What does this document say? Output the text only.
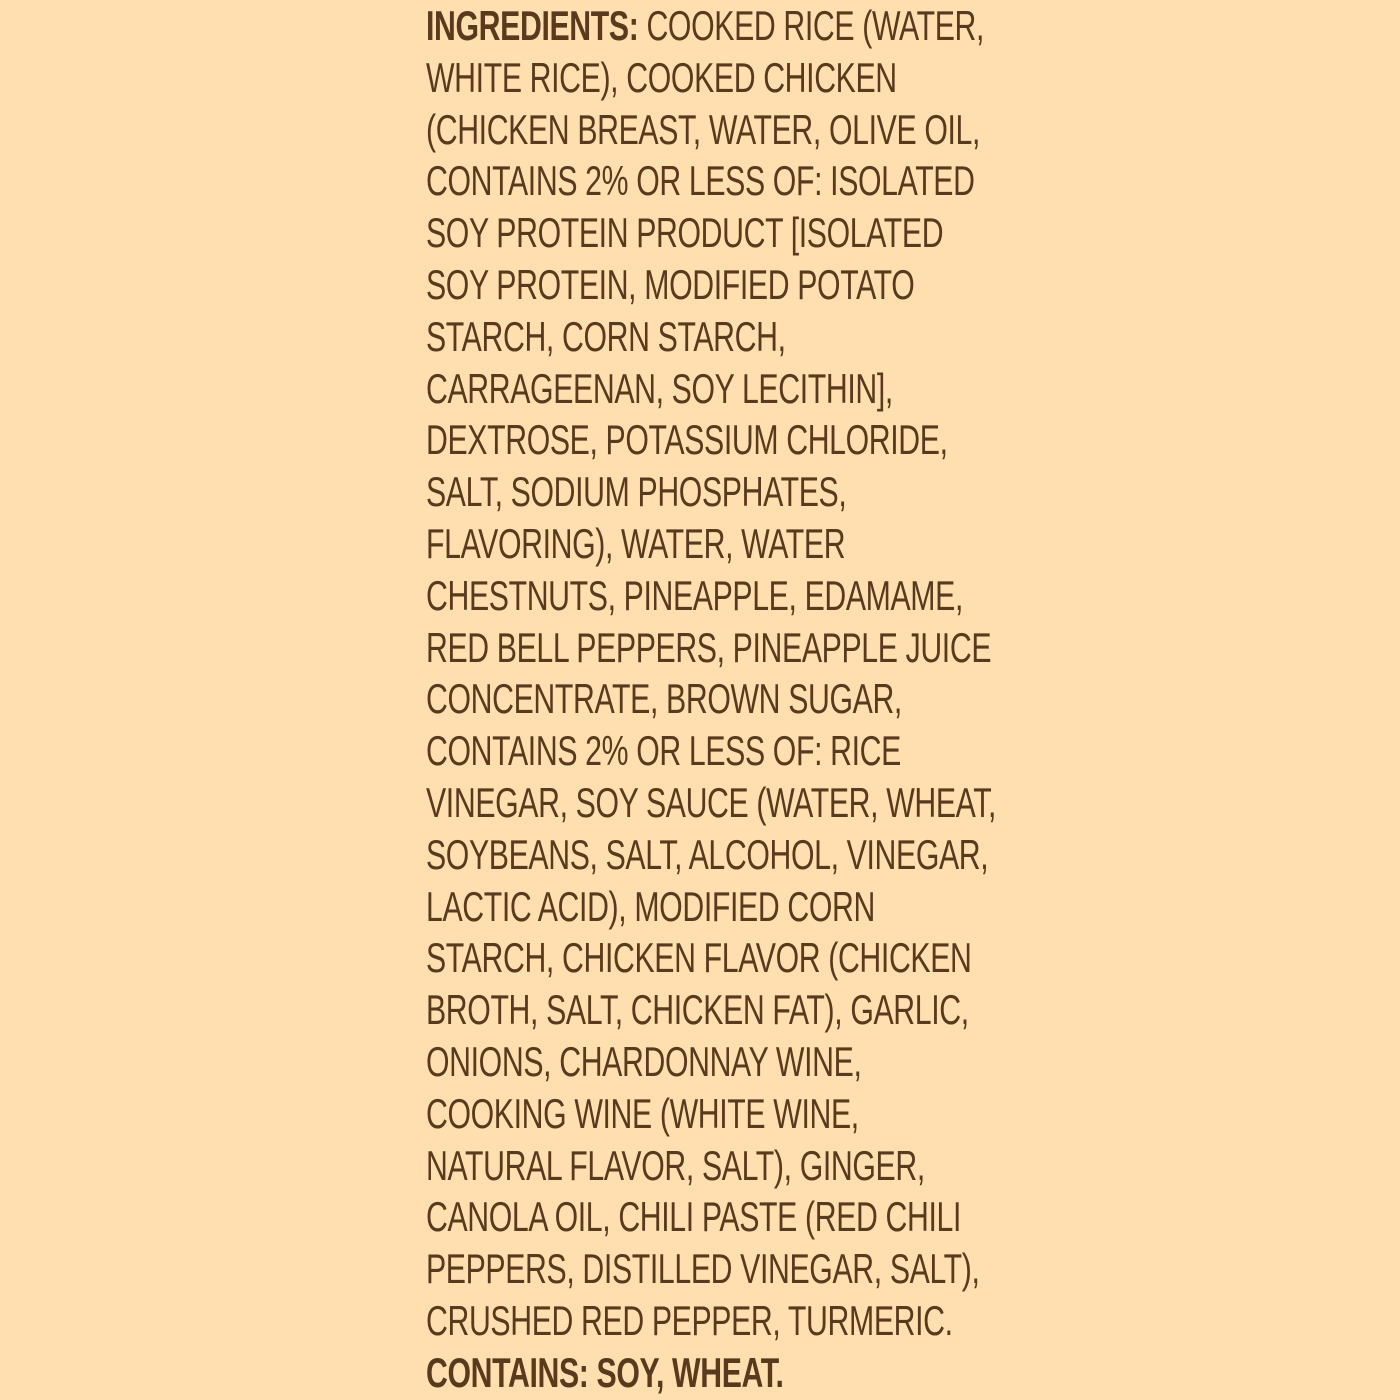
INGREDIENTS: COOKED RICE (WATER,
WHITE RICE), COOKED CHICKEN
(CHICKEN BREAST, WATER, OLIVE OIL,
CONTAINS 2% OR LESS OF: ISOLATED
SOY PROTEIN PRODUCT [ISOLATED
SOY PROTEIN, MODIFIED POTATO
STARCH, CORN STARCH,
CARRAGEENAN, SOY LECITHIN],
DEXTROSE, POTASSIUM CHLORIDE,
SALT, SODIUM PHOSPHATES,
FLAVORING), WATER, WATER
CHESTNUTS, PINEAPPLE, EDAMAME,
RED BELL PEPPERS, PINEAPPLE JUICE
CONCENTRATE, BROWN SUGAR,
CONTAINS 2% OR LESS OF: RICE
VINEGAR, SOY SAUCE (WATER, WHEAT,
SOYBEANS, SALT, ALCOHOL, VINEGAR,
LACTIC ACID), MODIFIED CORN
STARCH, CHICKEN FLAVOR (CHICKEN
BROTH, SALT, CHICKEN FAT), GARLIC,
ONIONS, CHARDONNAY WINE,
COOKING WINE (WHITE WINE,
NATURAL FLAVOR, SALT), GINGER,
CANOLA OIL, CHILI PASTE (RED CHILI
PEPPERS, DISTILLED VINEGAR, SALT),
CRUSHED RED PEPPER, TURMERIC.
CONTAINS: SOY, WHEAT.
